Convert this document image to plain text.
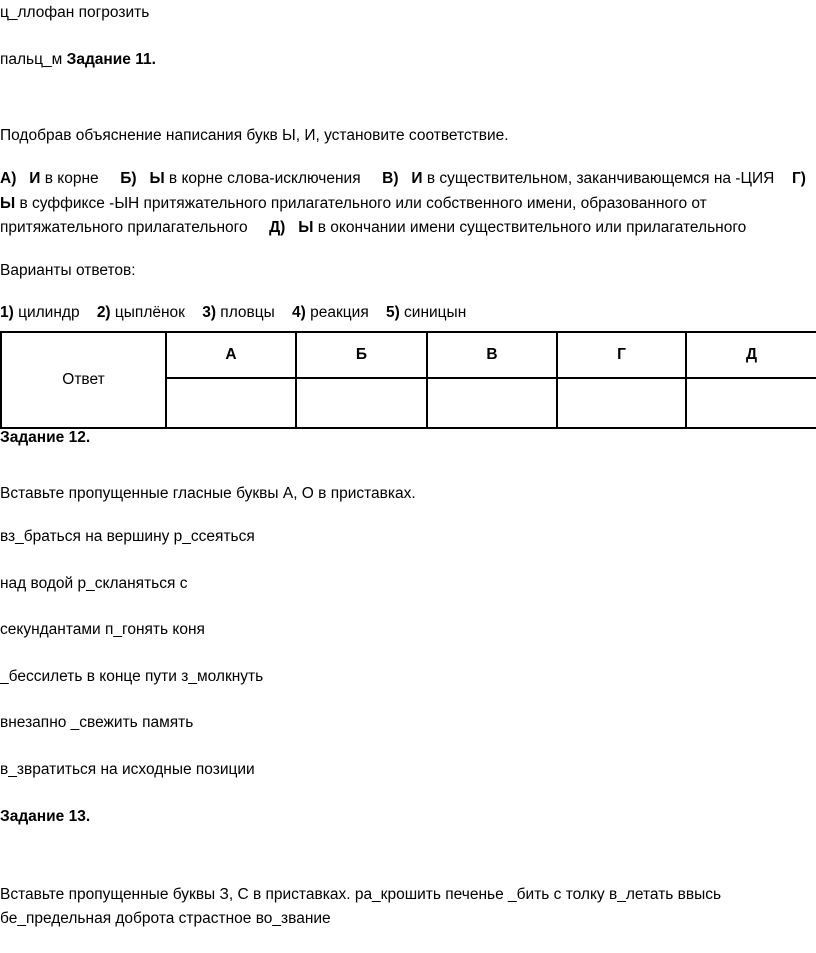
ц_ллофан погрозить
пальц_м Задание 11.
Подобрав объяснение написания букв Ы, И, установите соответствие.
А) И в корне Б) Ы в корне слова-исключения В) И в существительном, заканчивающемся на -ЦИЯ Г)
Ы в суффиксе -ЫН притяжательного прилагательного или собственного имени, образованного от
притяжательного прилагательного Д) Ы в окончании имени существительного или прилагательного
Варианты ответов:
1) цилиндр 2) цыплёнок 3) пловцы 4) реакция 5) синицын
Ответ	А	Б	В	Г	Д

Задание 12.
Вставьте пропущенные гласные буквы А, О в приставках.
вз_браться на вершину р_ссеяться
над водой р_скланяться с
секундантами п_гонять коня
_бессилеть в конце пути з_молкнуть
внезапно _свежить память
в_звратиться на исходные позиции
Задание 13.
Вставьте пропущенные буквы З, С в приставках. ра_крошить печенье _бить с толку в_летать ввысь
бе_предельная доброта страстное во_звание
